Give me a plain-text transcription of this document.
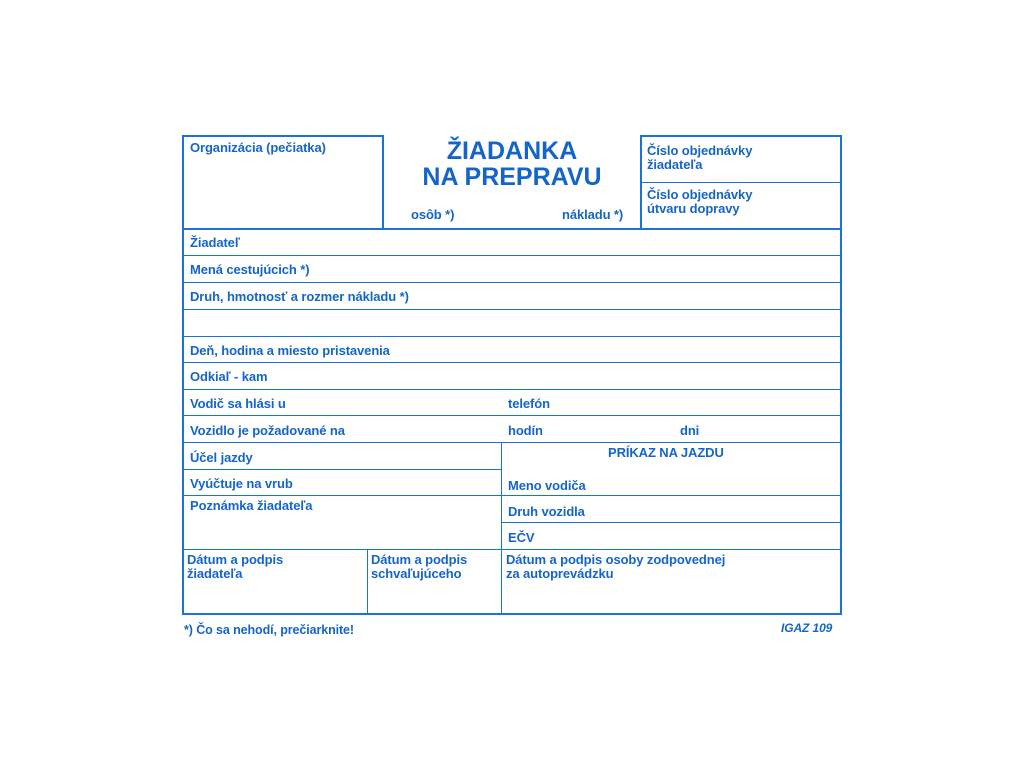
Organizácia (pečiatka)	ŽIADANKA
NA PREPRAVU
osôb *)	nákladu *)
Číslo objednávky
žiadateľa
Číslo objednávky
útvaru dopravy
Žiadateľ
Mená cestujúcich *)
Druh, hmotnosť a rozmer nákladu *)
Deň, hodina a miesto pristavenia
Odkiaľ - kam
Vodič sa hlási u	telefón
Vozidlo je požadované na	hodín	dni
Účel jazdy
Vyúčtuje na vrub
Poznámka žiadateľa
PRÍKAZ NA JAZDU
Meno vodiča
Druh vozidla
EČV
Dátum a podpis
žiadateľa
Dátum a podpis
schvaľujúceho
Dátum a podpis osoby zodpovednej
za autoprevádzku
*) Čo sa nehodí, prečiarknite!	IGAZ 109
